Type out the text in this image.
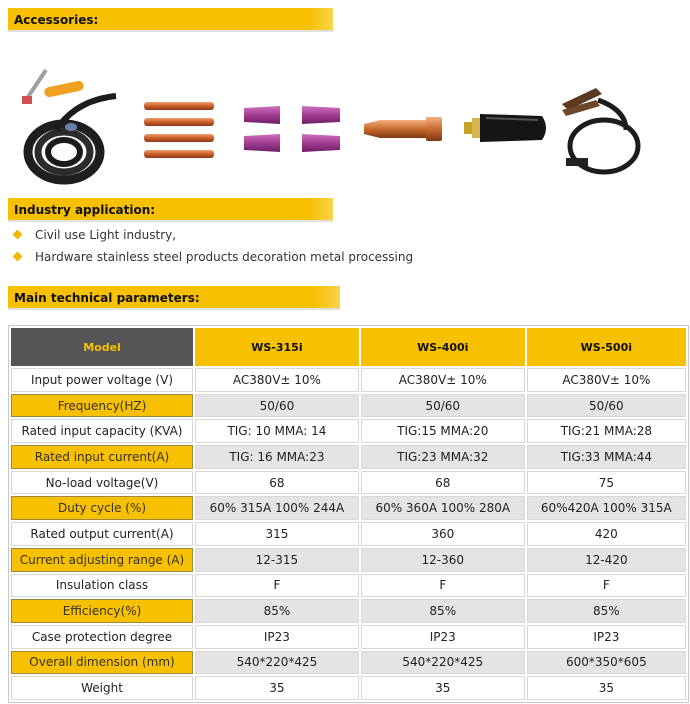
Accessories:
Industry application:
Civil use Light industry,
Hardware stainless steel products decoration metal processing
Main technical parameters:
Model	WS-315i	WS-400i	WS-500i
Input power voltage (V)	AC380V± 10%	AC380V± 10%	AC380V± 10%
Frequency(HZ)	50/60	50/60	50/60
Rated input capacity (KVA)	TIG: 10 MMA: 14	TIG:15 MMA:20	TIG:21 MMA:28
Rated input current(A)	TIG: 16 MMA:23	TIG:23 MMA:32	TIG:33 MMA:44
No-load voltage(V)	68	68	75
Duty cycle (%)	60% 315A 100% 244A	60% 360A 100% 280A	60%420A 100% 315A
Rated output current(A)	315	360	420
Current adjusting range (A)	12-315	12-360	12-420
Insulation class	F	F	F
Efficiency(%)	85%	85%	85%
Case protection degree	IP23	IP23	IP23
Overall dimension (mm)	540*220*425	540*220*425	600*350*605
Weight	35	35	35
